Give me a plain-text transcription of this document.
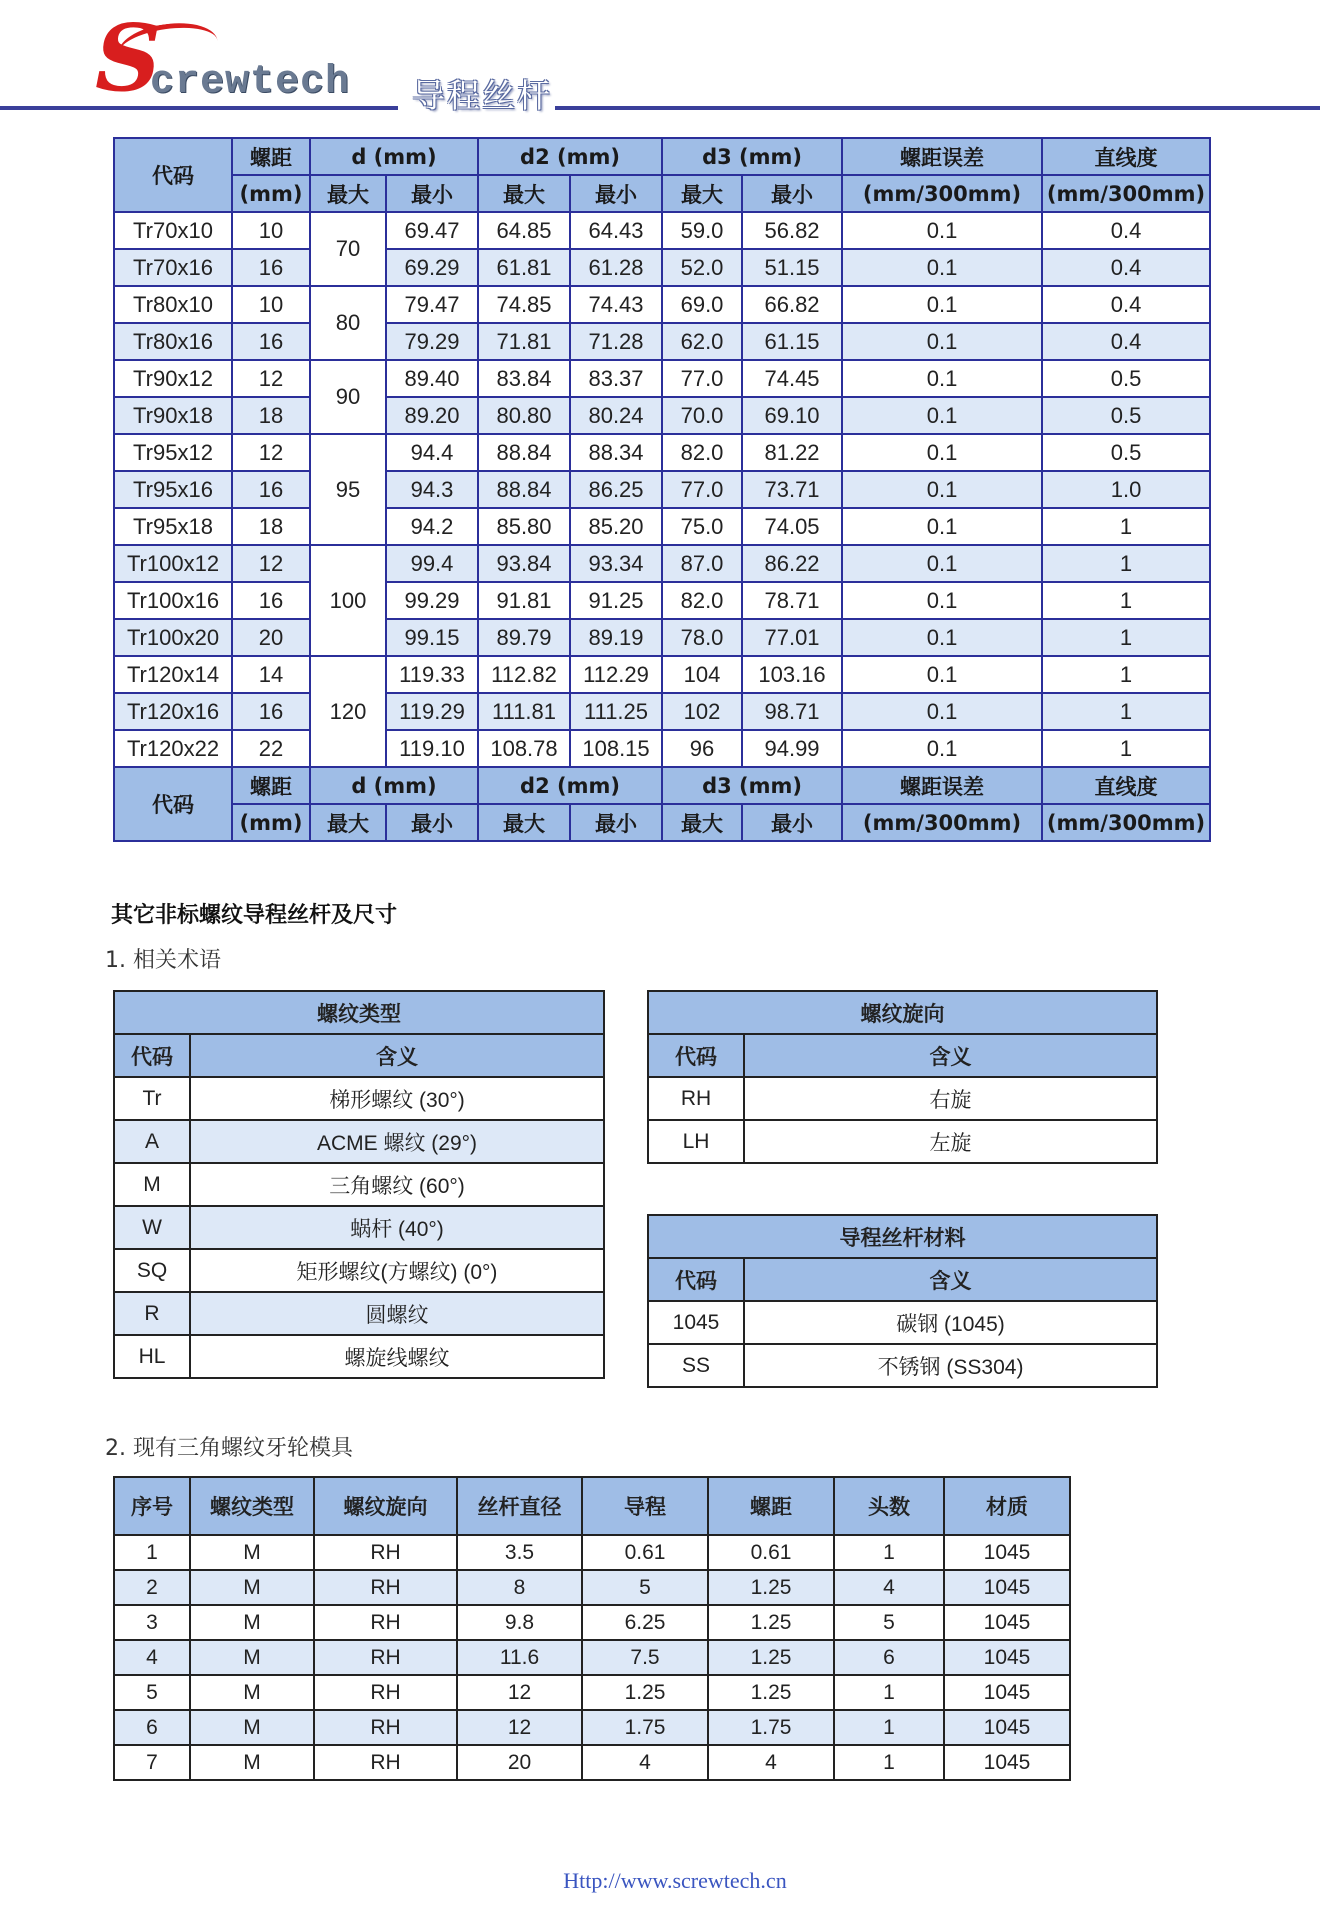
S
crewtech 导程丝杆
代码	螺距	d (mm)		d2 (mm)		d3 (mm)		螺距误差	直线度
	(mm)	最大	最小	最大	最小	最大	最小	(mm/300mm)	(mm/300mm)
Tr70x10	10	70	69.47	64.85	64.43	59.0	56.82	0.1	0.4
Tr70x16	16		69.29	61.81	61.28	52.0	51.15	0.1	0.4
Tr80x10	10	80	79.47	74.85	74.43	69.0	66.82	0.1	0.4
Tr80x16	16		79.29	71.81	71.28	62.0	61.15	0.1	0.4
Tr90x12	12	90	89.40	83.84	83.37	77.0	74.45	0.1	0.5
Tr90x18	18		89.20	80.80	80.24	70.0	69.10	0.1	0.5
Tr95x12	12	95	94.4	88.84	88.34	82.0	81.22	0.1	0.5
Tr95x16	16		94.3	88.84	86.25	77.0	73.71	0.1	1.0
Tr95x18	18		94.2	85.80	85.20	75.0	74.05	0.1	1
Tr100x12	12	100	99.4	93.84	93.34	87.0	86.22	0.1	1
Tr100x16	16		99.29	91.81	91.25	82.0	78.71	0.1	1
Tr100x20	20		99.15	89.79	89.19	78.0	77.01	0.1	1
Tr120x14	14	120	119.33	112.82	112.29	104	103.16	0.1	1
Tr120x16	16		119.29	111.81	111.25	102	98.71	0.1	1
Tr120x22	22		119.10	108.78	108.15	96	94.99	0.1	1
代码	螺距	d (mm)		d2 (mm)		d3 (mm)		螺距误差	直线度
	(mm)	最大	最小	最大	最小	最大	最小	(mm/300mm)	(mm/300mm)
其它非标螺纹导程丝杆及尺寸
1. 相关术语
螺纹类型	
代码	含义
Tr	梯形螺纹 (30°)
A	ACME 螺纹 (29°)
M	三角螺纹 (60°)
W	蜗杆 (40°)
SQ	矩形螺纹(方螺纹) (0°)
R	圆螺纹
HL	螺旋线螺纹
螺纹旋向	
代码	含义
RH	右旋
LH	左旋
导程丝杆材料	
代码	含义
1045	碳钢 (1045)
SS	不锈钢 (SS304)
2. 现有三角螺纹牙轮模具
序号	螺纹类型	螺纹旋向	丝杆直径	导程	螺距	头数	材质
1	M	RH	3.5	0.61	0.61	1	1045
2	M	RH	8	5	1.25	4	1045
3	M	RH	9.8	6.25	1.25	5	1045
4	M	RH	11.6	7.5	1.25	6	1045
5	M	RH	12	1.25	1.25	1	1045
6	M	RH	12	1.75	1.75	1	1045
7	M	RH	20	4	4	1	1045
Http://www.screwtech.cn
